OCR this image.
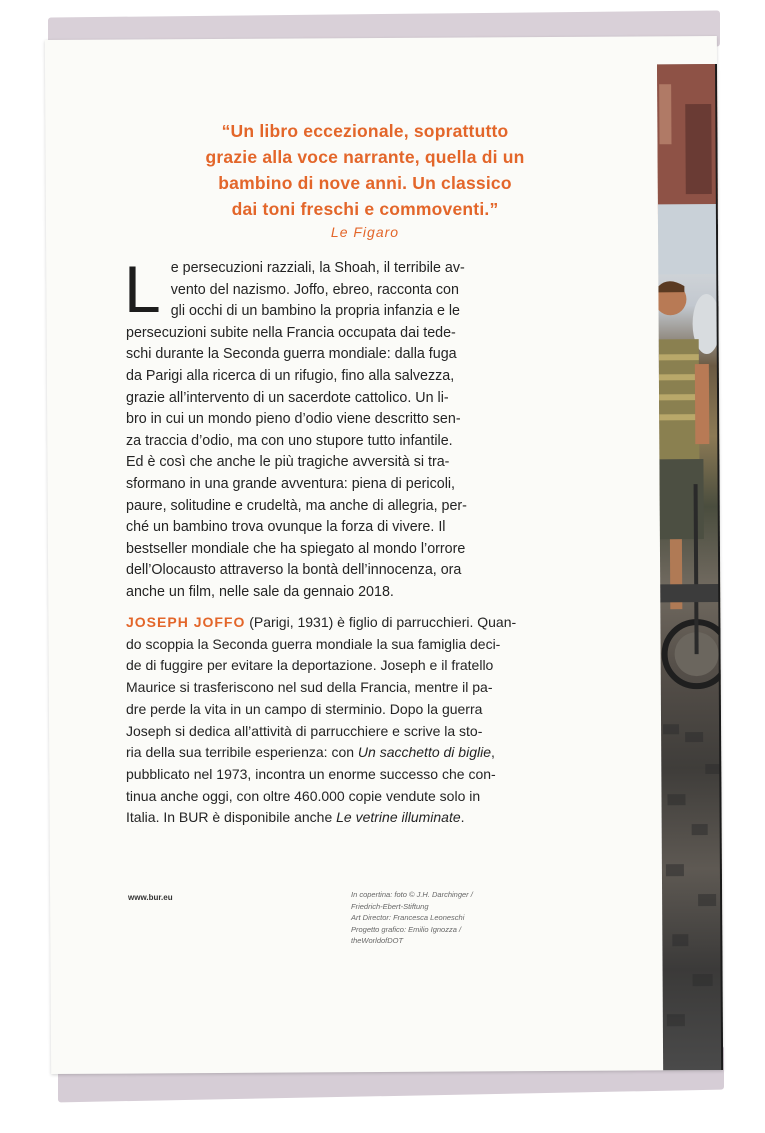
“Un libro eccezionale, soprattutto
grazie alla voce narrante, quella di un
bambino di nove anni. Un classico
dai toni freschi e commoventi.”
Le Figaro
L e persecuzioni razziali, la Shoah, il terribile av-
vento del nazismo. Joffo, ebreo, racconta con
gli occhi di un bambino la propria infanzia e le
persecuzioni subite nella Francia occupata dai tede-
schi durante la Seconda guerra mondiale: dalla fuga
da Parigi alla ricerca di un rifugio, fino alla salvezza,
grazie all’intervento di un sacerdote cattolico. Un li-
bro in cui un mondo pieno d’odio viene descritto sen-
za traccia d’odio, ma con uno stupore tutto infantile.
Ed è così che anche le più tragiche avversità si tra-
sformano in una grande avventura: piena di pericoli,
paure, solitudine e crudeltà, ma anche di allegria, per-
ché un bambino trova ovunque la forza di vivere. Il
bestseller mondiale che ha spiegato al mondo l’orrore
dell’Olocausto attraverso la bontà dell’innocenza, ora
anche un film, nelle sale da gennaio 2018.
JOSEPH JOFFO (Parigi, 1931) è figlio di parrucchieri. Quan-
do scoppia la Seconda guerra mondiale la sua famiglia deci-
de di fuggire per evitare la deportazione. Joseph e il fratello
Maurice si trasferiscono nel sud della Francia, mentre il pa-
dre perde la vita in un campo di sterminio. Dopo la guerra
Joseph si dedica all’attività di parrucchiere e scrive la sto-
ria della sua terribile esperienza: con Un sacchetto di biglie,
pubblicato nel 1973, incontra un enorme successo che con-
tinua anche oggi, con oltre 460.000 copie vendute solo in
Italia. In BUR è disponibile anche Le vetrine illuminate.
www.bur.eu	In copertina: foto © J.H. Darchinger /
Friedrich-Ebert-Stiftung
Art Director: Francesca Leoneschi
Progetto grafico: Emilio Ignozza /
theWorldofDOT
